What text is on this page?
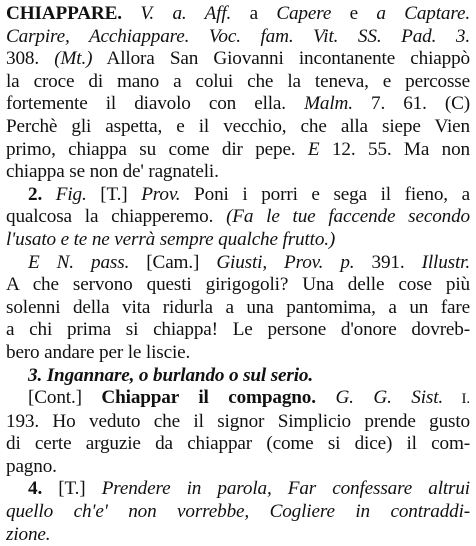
CHIAPPARE. V. a. Aff. a Capere e a Captare.
Carpire, Acchiappare. Voc. fam. Vit. SS. Pad. 3.
308. (Mt.) Allora San Giovanni incontanente chiappò
la croce di mano a colui che la teneva, e percosse
fortemente il diavolo con ella. Malm. 7. 61. (C)
Perchè gli aspetta, e il vecchio, che alla siepe Vien
primo, chiappa su come dir pepe. E 12. 55. Ma non
chiappa se non de' ragnateli.
2. Fig. [T.] Prov. Poni i porri e sega il fieno, a
qualcosa la chiapperemo. (Fa le tue faccende secondo
l'usato e te ne verrà sempre qualche frutto.)
E N. pass. [Cam.] Giusti, Prov. p. 391. Illustr.
A che servono questi girigogoli? Una delle cose più
solenni della vita ridurla a una pantomima, a un fare
a chi prima si chiappa! Le persone d'onore dovreb-
bero andare per le liscie.
3. Ingannare, o burlando o sul serio.
[Cont.] Chiappar il compagno. G. G. Sist. I.
193. Ho veduto che il signor Simplicio prende gusto
di certe arguzie da chiappar (come si dice) il com-
pagno.
4. [T.] Prendere in parola, Far confessare altrui
quello ch'e' non vorrebbe, Cogliere in contraddi-
zione.
